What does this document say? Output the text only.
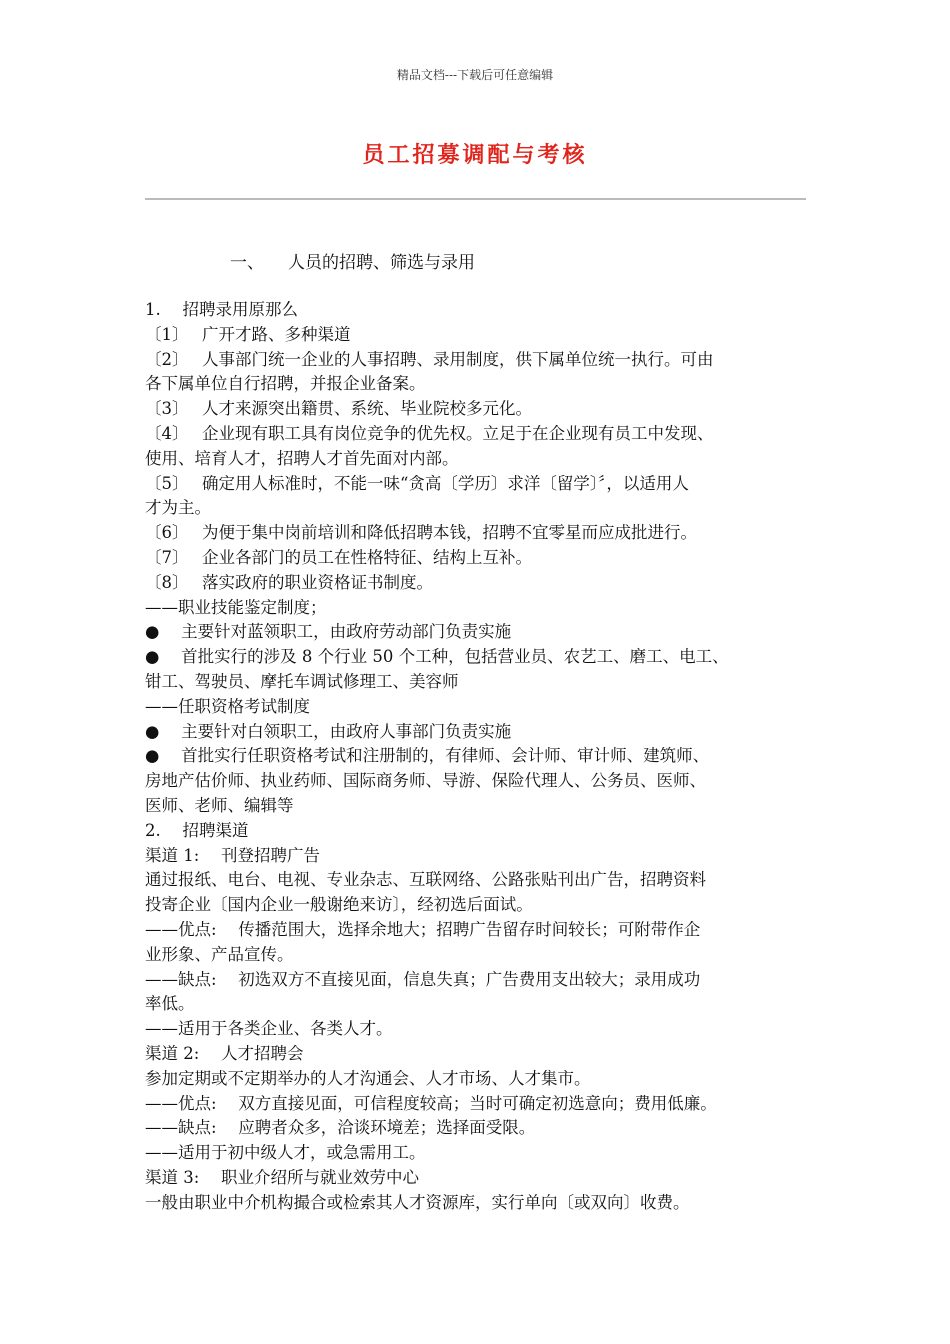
精品文档---下载后可任意编辑
员工招募调配与考核
一、 人员的招聘、筛选与录用
1.　 招聘录用原那么
〔1〕　 广开才路、多种渠道
〔2〕　 人事部门统一企业的人事招聘、录用制度，供下属单位统一执行。可由
各下属单位自行招聘，并报企业备案。
〔3〕　 人才来源突出籍贯、系统、毕业院校多元化。
〔4〕　 企业现有职工具有岗位竞争的优先权。立足于在企业现有员工中发现、
使用、培育人才，招聘人才首先面对内部。
〔5〕　 确定用人标准时，不能一味“贪高〔学历〕求洋〔留学〕〞，以适用人
才为主。
〔6〕　 为便于集中岗前培训和降低招聘本钱，招聘不宜零星而应成批进行。
〔7〕　 企业各部门的员工在性格特征、结构上互补。
〔8〕　 落实政府的职业资格证书制度。
——职业技能鉴定制度；
●　 主要针对蓝领职工，由政府劳动部门负责实施
●　 首批实行的涉及 8 个行业 50 个工种，包括营业员、农艺工、磨工、电工、
钳工、驾驶员、摩托车调试修理工、美容师
——任职资格考试制度
●　 主要针对白领职工，由政府人事部门负责实施
●　 首批实行任职资格考试和注册制的，有律师、会计师、审计师、建筑师、
房地产估价师、执业药师、国际商务师、导游、保险代理人、公务员、医师、
医师、老师、编辑等
2.　 招聘渠道
渠道 1:　 刊登招聘广告
通过报纸、电台、电视、专业杂志、互联网络、公路张贴刊出广告，招聘资料
投寄企业〔国内企业一般谢绝来访〕，经初选后面试。
——优点:　 传播范围大，选择余地大；招聘广告留存时间较长；可附带作企
业形象、产品宣传。
——缺点:　 初选双方不直接见面，信息失真；广告费用支出较大；录用成功
率低。
——适用于各类企业、各类人才。
渠道 2:　 人才招聘会
参加定期或不定期举办的人才沟通会、人才市场、人才集市。
——优点:　 双方直接见面，可信程度较高；当时可确定初选意向；费用低廉。
——缺点:　 应聘者众多，洽谈环境差；选择面受限。
——适用于初中级人才，或急需用工。
渠道 3:　 职业介绍所与就业效劳中心
一般由职业中介机构撮合或检索其人才资源库，实行单向〔或双向〕收费。
